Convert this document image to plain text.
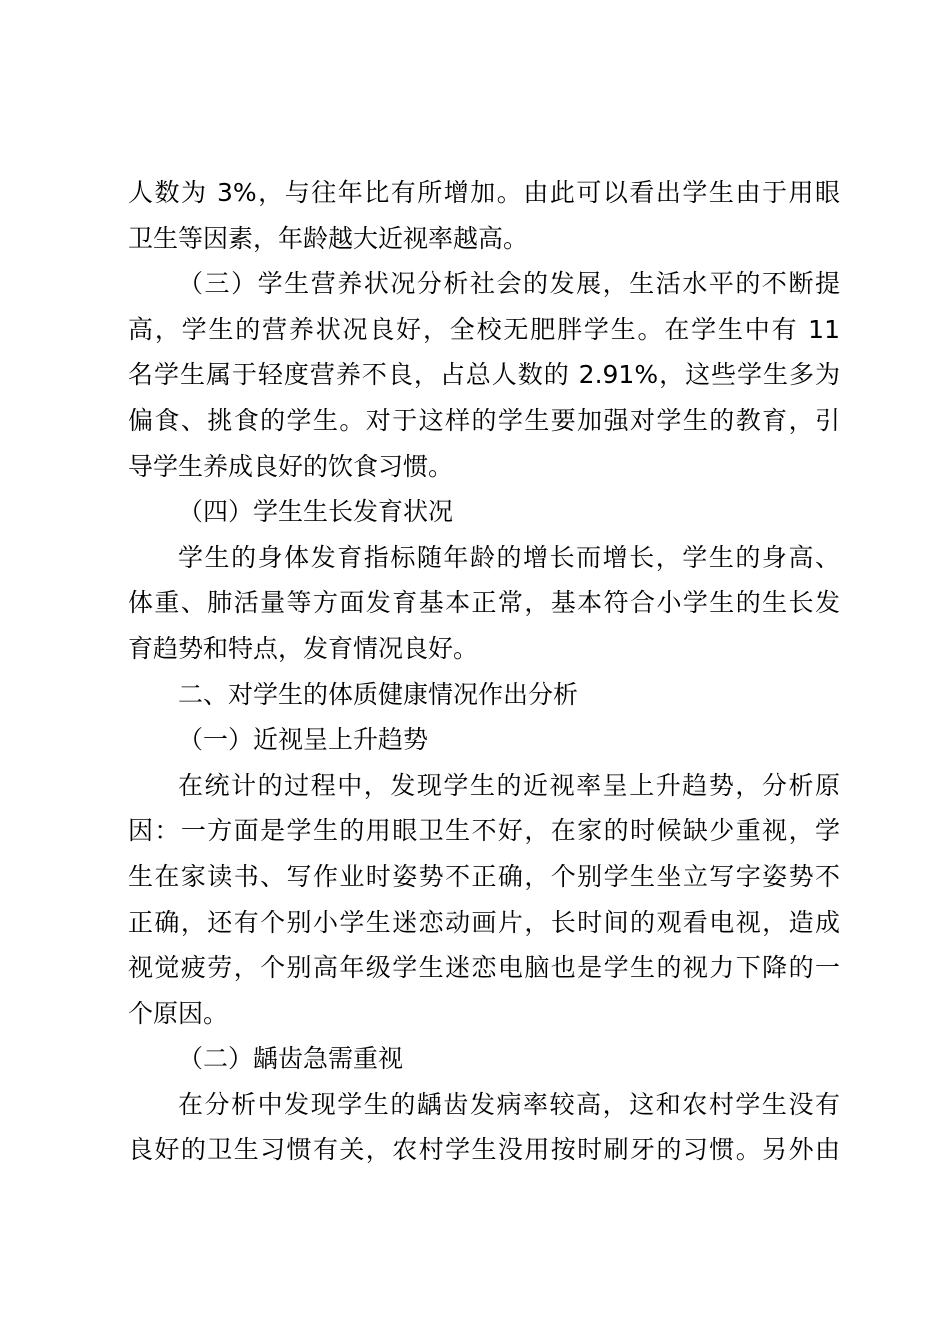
人数为 3%，与往年比有所增加。由此可以看出学生由于用眼
卫生等因素，年龄越大近视率越高。
（三）学生营养状况分析社会的发展，生活水平的不断提
高，学生的营养状况良好，全校无肥胖学生。在学生中有 11
名学生属于轻度营养不良，占总人数的 2.91%，这些学生多为
偏食、挑食的学生。对于这样的学生要加强对学生的教育，引
导学生养成良好的饮食习惯。
（四）学生生长发育状况
学生的身体发育指标随年龄的增长而增长，学生的身高、
体重、肺活量等方面发育基本正常，基本符合小学生的生长发
育趋势和特点，发育情况良好。
二、对学生的体质健康情况作出分析
（一）近视呈上升趋势
在统计的过程中，发现学生的近视率呈上升趋势，分析原
因：一方面是学生的用眼卫生不好，在家的时候缺少重视，学
生在家读书、写作业时姿势不正确，个别学生坐立写字姿势不
正确，还有个别小学生迷恋动画片，长时间的观看电视，造成
视觉疲劳，个别高年级学生迷恋电脑也是学生的视力下降的一
个原因。
（二）龋齿急需重视
在分析中发现学生的龋齿发病率较高，这和农村学生没有
良好的卫生习惯有关，农村学生没用按时刷牙的习惯。另外由
